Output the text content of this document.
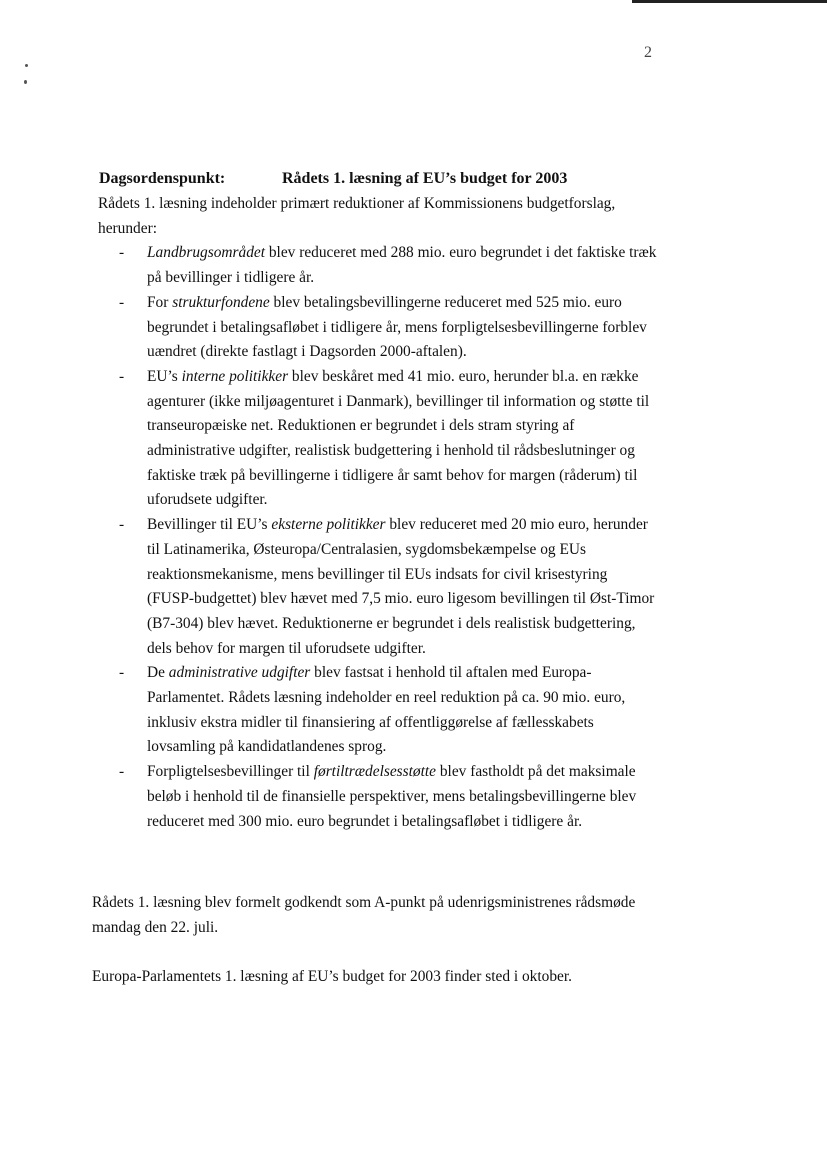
2
Dagsordenspunkt:	Rådets 1. læsning af EU’s budget for 2003

Rådets 1. læsning indeholder primært reduktioner af Kommissionens budgetforslag, herunder:

- Landbrugsområdet blev reduceret med 288 mio. euro begrundet i det faktiske træk på bevillinger i tidligere år.
- For strukturfondene blev betalingsbevillingerne reduceret med 525 mio. euro begrundet i betalingsafløbet i tidligere år, mens forpligtelsesbevillingerne forblev uændret (direkte fastlagt i Dagsorden 2000-aftalen).
- EU’s interne politikker blev beskåret med 41 mio. euro, herunder bl.a. en række agenturer (ikke miljøagenturet i Danmark), bevillinger til information og støtte til transeuropæiske net. Reduktionen er begrundet i dels stram styring af administrative udgifter, realistisk budgettering i henhold til rådsbeslutninger og faktiske træk på bevillingerne i tidligere år samt behov for margen (råderum) til uforudsete udgifter.
- Bevillinger til EU’s eksterne politikker blev reduceret med 20 mio euro, herunder til Latinamerika, Østeuropa/Centralasien, sygdomsbekæmpelse og EUs reaktionsmekanisme, mens bevillinger til EUs indsats for civil krisestyring (FUSP-budgettet) blev hævet med 7,5 mio. euro ligesom bevillingen til Øst-Timor (B7-304) blev hævet. Reduktionerne er begrundet i dels realistisk budgettering, dels behov for margen til uforudsete udgifter.
- De administrative udgifter blev fastsat i henhold til aftalen med Europa-Parlamentet. Rådets læsning indeholder en reel reduktion på ca. 90 mio. euro, inklusiv ekstra midler til finansiering af offentliggørelse af fællesskabets lovsamling på kandidatlandenes sprog.
- Forpligtelsesbevillinger til førtiltrædelsesstøtte blev fastholdt på det maksimale beløb i henhold til de finansielle perspektiver, mens betalingsbevillingerne blev reduceret med 300 mio. euro begrundet i betalingsafløbet i tidligere år.

Rådets 1. læsning blev formelt godkendt som A-punkt på udenrigsministrenes rådsmøde mandag den 22. juli.

Europa-Parlamentets 1. læsning af EU’s budget for 2003 finder sted i oktober.
